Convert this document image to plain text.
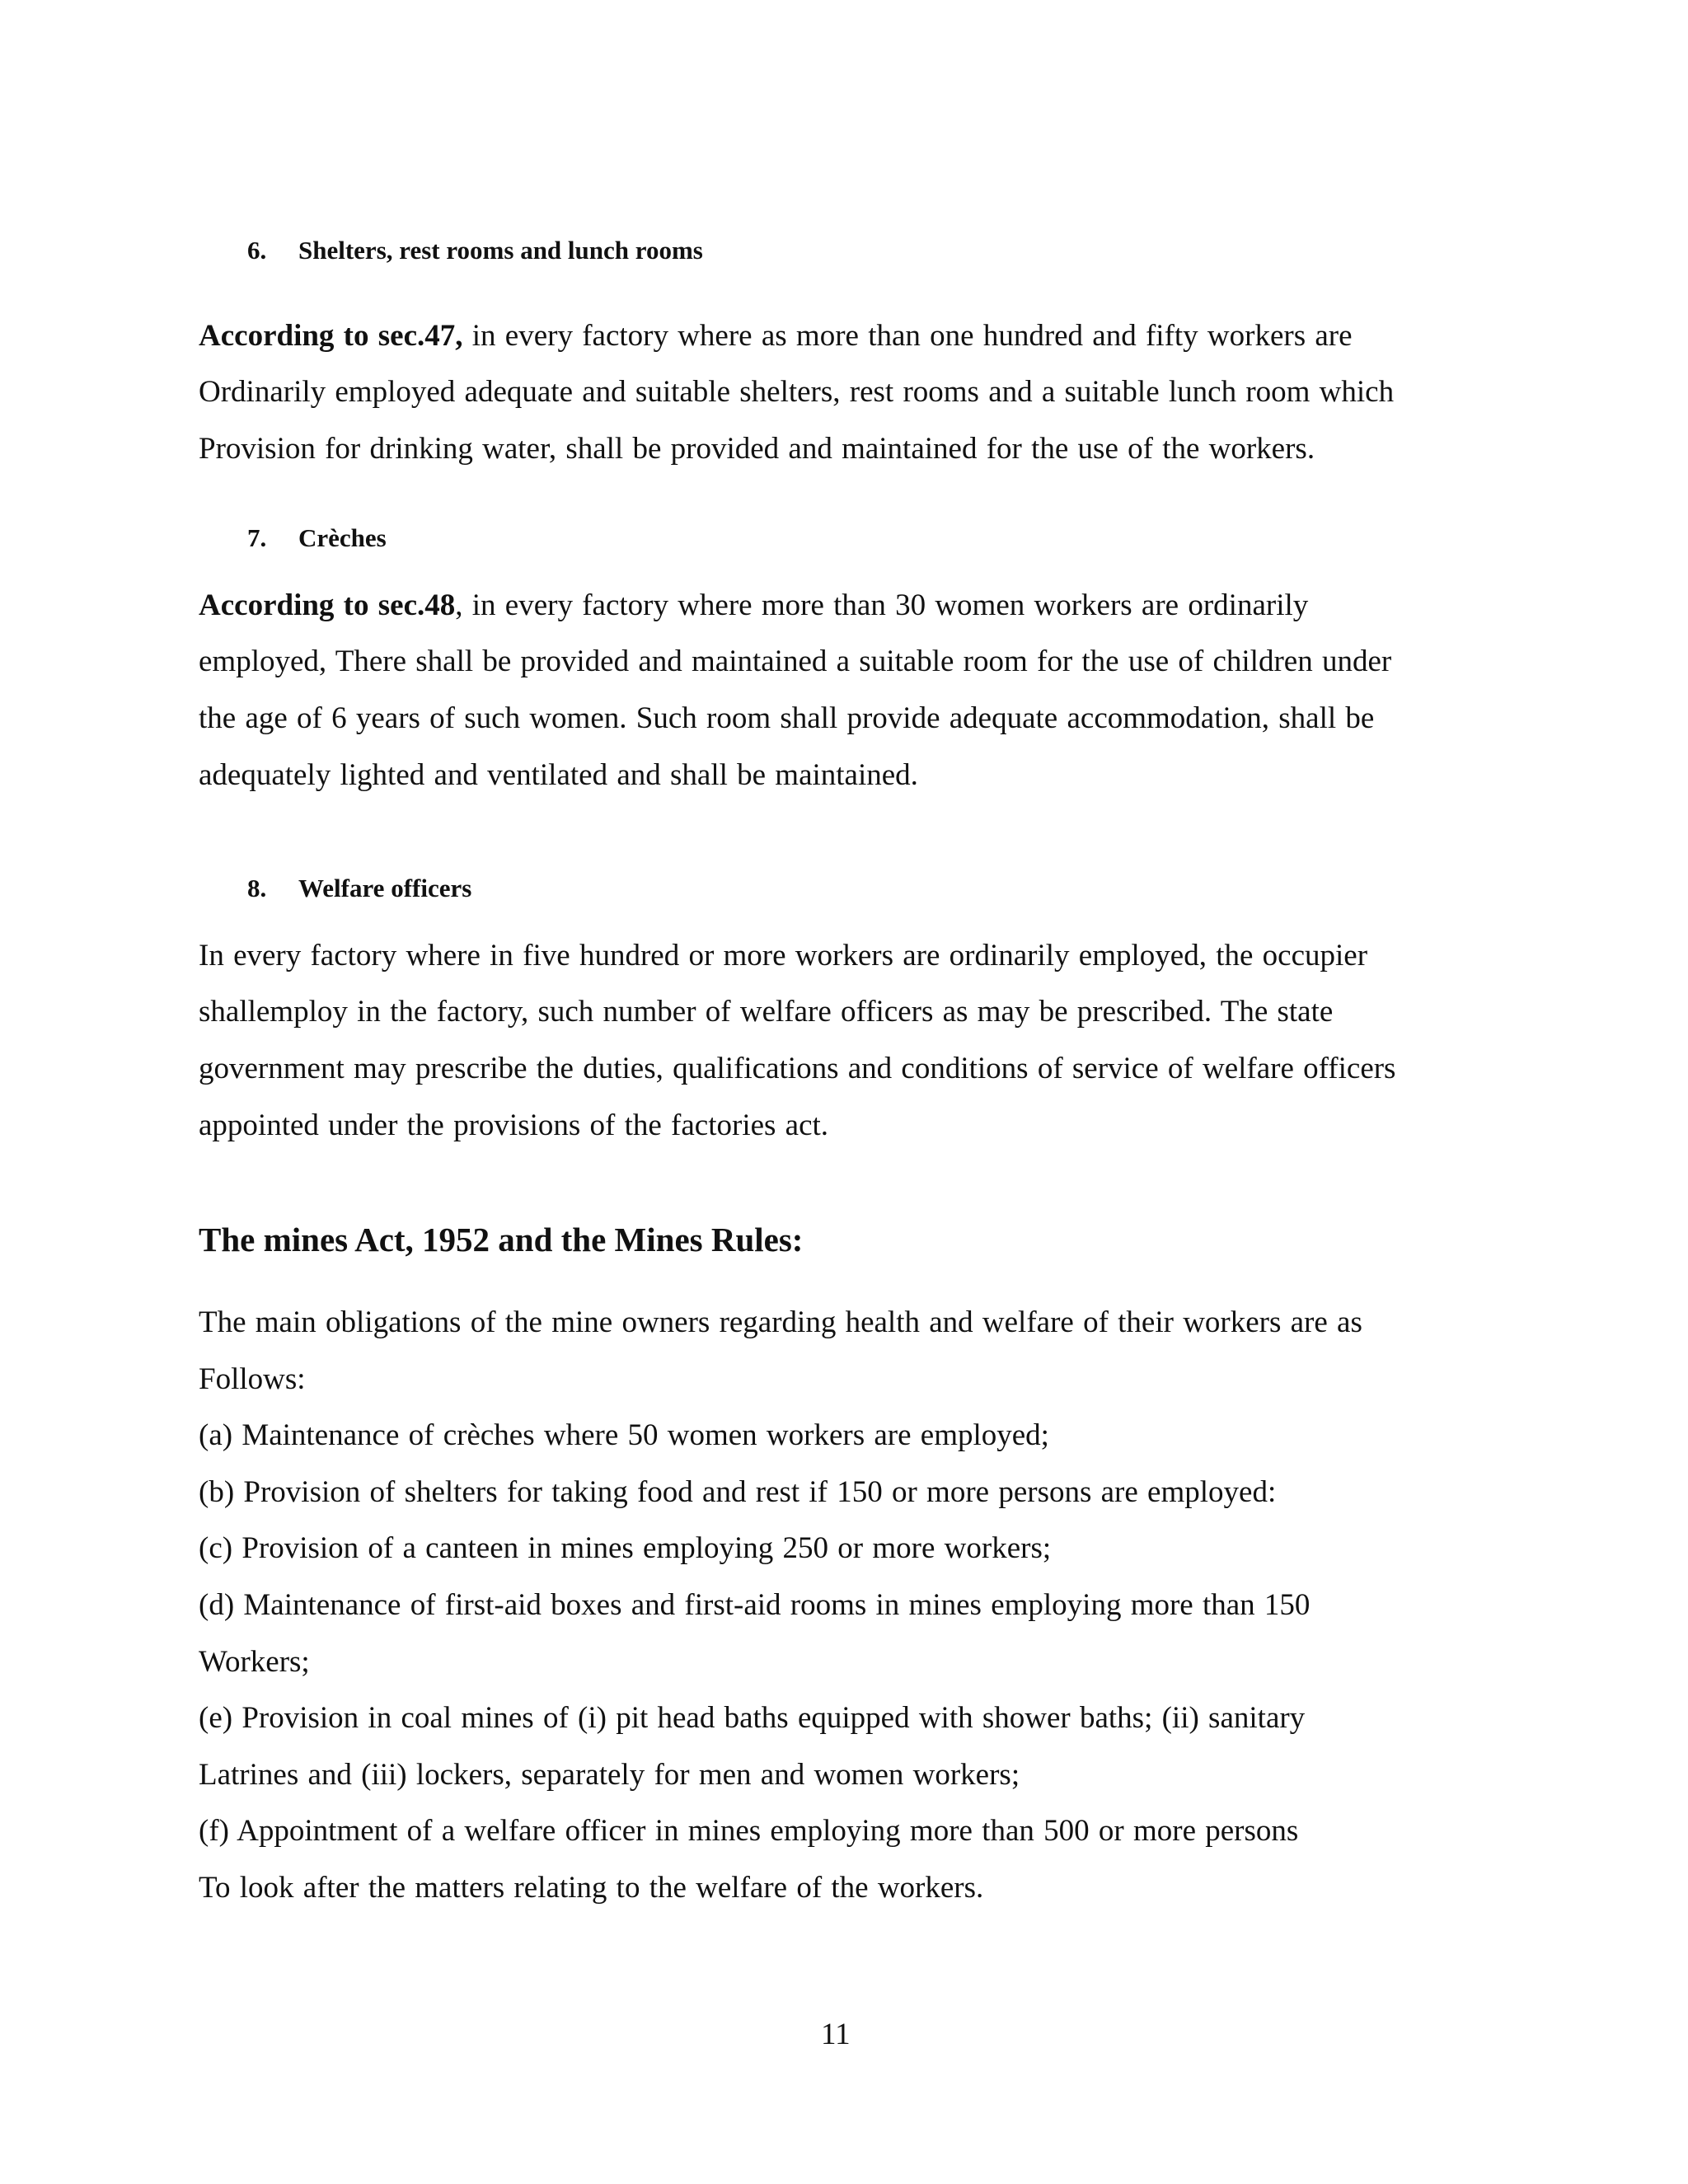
6. Shelters, rest rooms and lunch rooms
According to sec.47, in every factory where as more than one hundred and fifty workers are
Ordinarily employed adequate and suitable shelters, rest rooms and a suitable lunch room which
Provision for drinking water, shall be provided and maintained for the use of the workers.
7. Crèches
According to sec.48, in every factory where more than 30 women workers are ordinarily
employed, There shall be provided and maintained a suitable room for the use of children under
the age of 6 years of such women. Such room shall provide adequate accommodation, shall be
adequately lighted and ventilated and shall be maintained.
8. Welfare officers
In every factory where in five hundred or more workers are ordinarily employed, the occupier
shallemploy in the factory, such number of welfare officers as may be prescribed. The state
government may prescribe the duties, qualifications and conditions of service of welfare officers
appointed under the provisions of the factories act.
The mines Act, 1952 and the Mines Rules:
The main obligations of the mine owners regarding health and welfare of their workers are as
Follows:
(a) Maintenance of crèches where 50 women workers are employed;
(b) Provision of shelters for taking food and rest if 150 or more persons are employed:
(c) Provision of a canteen in mines employing 250 or more workers;
(d) Maintenance of first-aid boxes and first-aid rooms in mines employing more than 150
Workers;
(e) Provision in coal mines of (i) pit head baths equipped with shower baths; (ii) sanitary
Latrines and (iii) lockers, separately for men and women workers;
(f) Appointment of a welfare officer in mines employing more than 500 or more persons
To look after the matters relating to the welfare of the workers.
11
